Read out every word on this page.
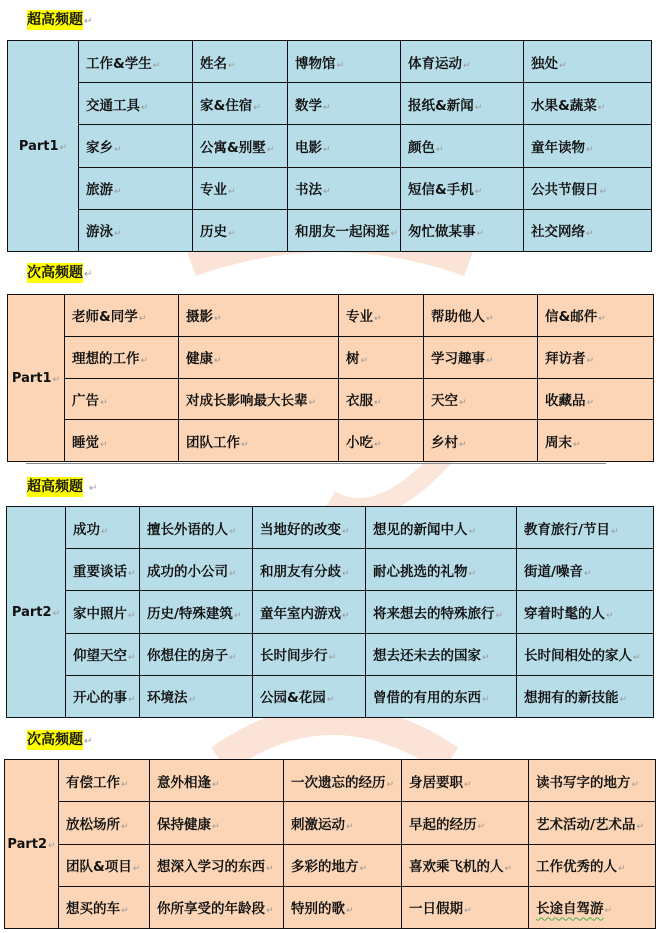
超高频题↵
Part1↵	工作&学生↵	姓名↵	博物馆↵	体育运动↵	独处↵
	交通工具↵	家&住宿↵	数学↵	报纸&新闻↵	水果&蔬菜↵
	家乡↵	公寓&别墅↵	电影↵	颜色↵	童年读物↵
	旅游↵	专业↵	书法↵	短信&手机↵	公共节假日↵
	游泳↵	历史↵	和朋友一起闲逛↵	匆忙做某事↵	社交网络↵
次高频题↵
Part1↵	老师&同学↵	摄影↵	专业↵	帮助他人↵	信&邮件↵
	理想的工作↵	健康↵	树↵	学习趣事↵	拜访者↵
	广告↵	对成长影响最大长辈↵	衣服↵	天空↵	收藏品↵
	睡觉↵	团队工作↵	小吃↵	乡村↵	周末↵
超高频题 ↵
Part2↵	成功↵	擅长外语的人↵	当地好的改变↵	想见的新闻中人↵	教育旅行/节目↵
	重要谈话↵	成功的小公司↵	和朋友有分歧↵	耐心挑选的礼物↵	街道/噪音↵
	家中照片↵	历史/特殊建筑↵	童年室内游戏↵	将来想去的特殊旅行↵	穿着时髦的人↵
	仰望天空↵	你想住的房子↵	长时间步行↵	想去还未去的国家↵	长时间相处的家人↵
	开心的事↵	环境法↵	公园&花园↵	曾借的有用的东西↵	想拥有的新技能↵
次高频题↵
Part2↵	有偿工作↵	意外相逢↵	一次遗忘的经历↵	身居要职↵	读书写字的地方↵
	放松场所↵	保持健康↵	刺激运动↵	早起的经历↵	艺术活动/艺术品↵
	团队&项目↵	想深入学习的东西↵	多彩的地方↵	喜欢乘飞机的人↵	工作优秀的人↵
	想买的车↵	你所享受的年龄段↵	特别的歌↵	一日假期↵	长途自驾游↵
